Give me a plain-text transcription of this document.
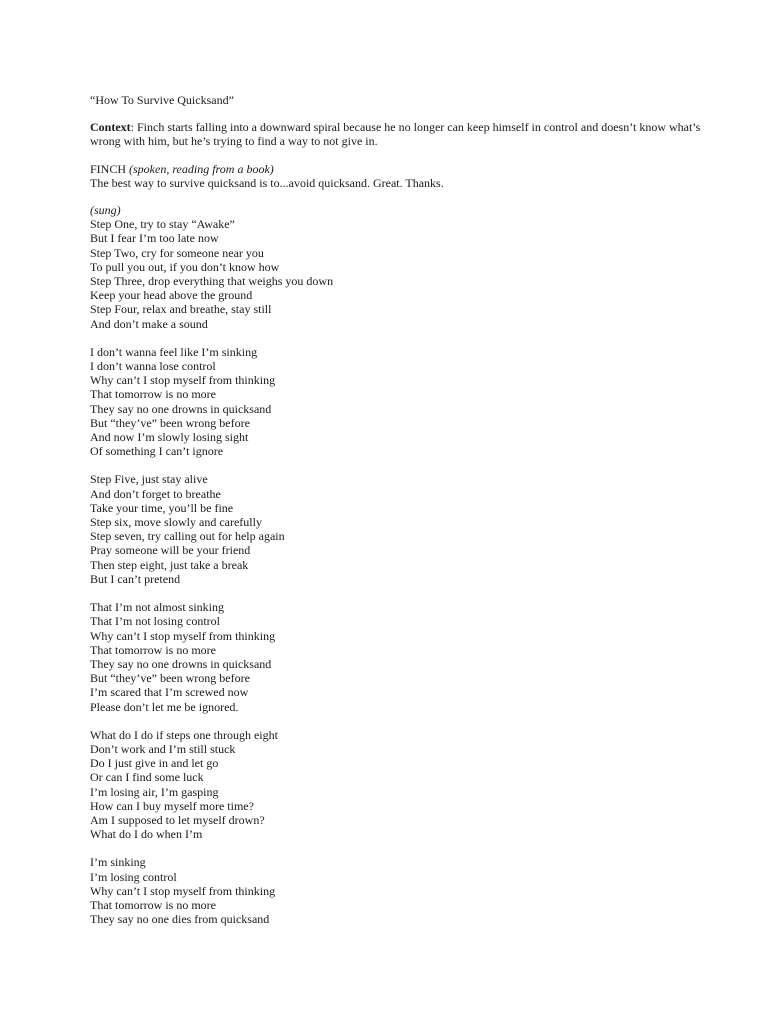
“How To Survive Quicksand”
Context: Finch starts falling into a downward spiral because he no longer can keep himself in control and doesn’t know what’s wrong with him, but he’s trying to find a way to not give in.
FINCH (spoken, reading from a book)
The best way to survive quicksand is to...avoid quicksand. Great. Thanks.
(sung)
Step One, try to stay “Awake”
But I fear I’m too late now
Step Two, cry for someone near you
To pull you out, if you don’t know how
Step Three, drop everything that weighs you down
Keep your head above the ground
Step Four, relax and breathe, stay still
And don’t make a sound
I don’t wanna feel like I’m sinking
I don’t wanna lose control
Why can’t I stop myself from thinking
That tomorrow is no more
They say no one drowns in quicksand
But “they’ve” been wrong before
And now I’m slowly losing sight
Of something I can’t ignore
Step Five, just stay alive
And don’t forget to breathe
Take your time, you’ll be fine
Step six, move slowly and carefully
Step seven, try calling out for help again
Pray someone will be your friend
Then step eight, just take a break
But I can’t pretend
That I’m not almost sinking
That I’m not losing control
Why can’t I stop myself from thinking
That tomorrow is no more
They say no one drowns in quicksand
But “they’ve” been wrong before
I’m scared that I’m screwed now
Please don’t let me be ignored.
What do I do if steps one through eight
Don’t work and I’m still stuck
Do I just give in and let go
Or can I find some luck
I’m losing air, I’m gasping
How can I buy myself more time?
Am I supposed to let myself drown?
What do I do when I’m
I’m sinking
I’m losing control
Why can’t I stop myself from thinking
That tomorrow is no more
They say no one dies from quicksand
